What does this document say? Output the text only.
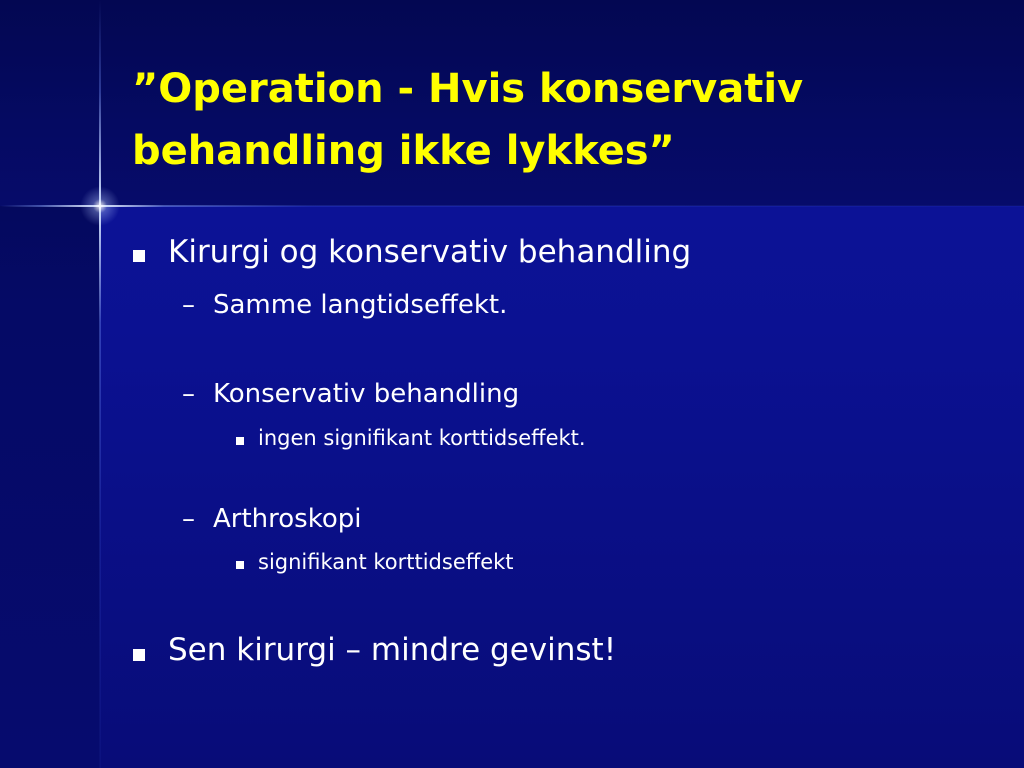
”Operation - Hvis konservativ behandling ikke lykkes”
Kirurgi og konservativ behandling
– Samme langtidseffekt.
– Konservativ behandling
ingen signifikant korttidseffekt.
– Arthroskopi
signifikant korttidseffekt
Sen kirurgi – mindre gevinst!
